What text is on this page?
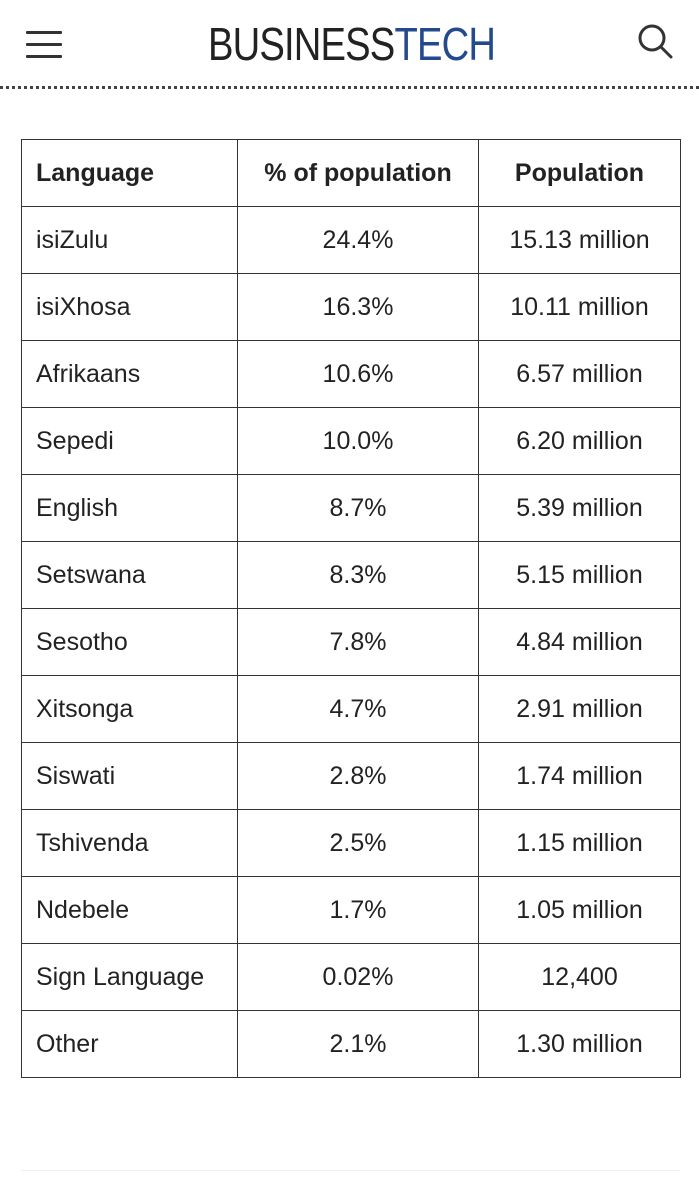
BUSINESS TECH
Language	% of population	Population
isiZulu	24.4%	15.13 million
isiXhosa	16.3%	10.11 million
Afrikaans	10.6%	6.57 million
Sepedi	10.0%	6.20 million
English	8.7%	5.39 million
Setswana	8.3%	5.15 million
Sesotho	7.8%	4.84 million
Xitsonga	4.7%	2.91 million
Siswati	2.8%	1.74 million
Tshivenda	2.5%	1.15 million
Ndebele	1.7%	1.05 million
Sign Language	0.02%	12,400
Other	2.1%	1.30 million
